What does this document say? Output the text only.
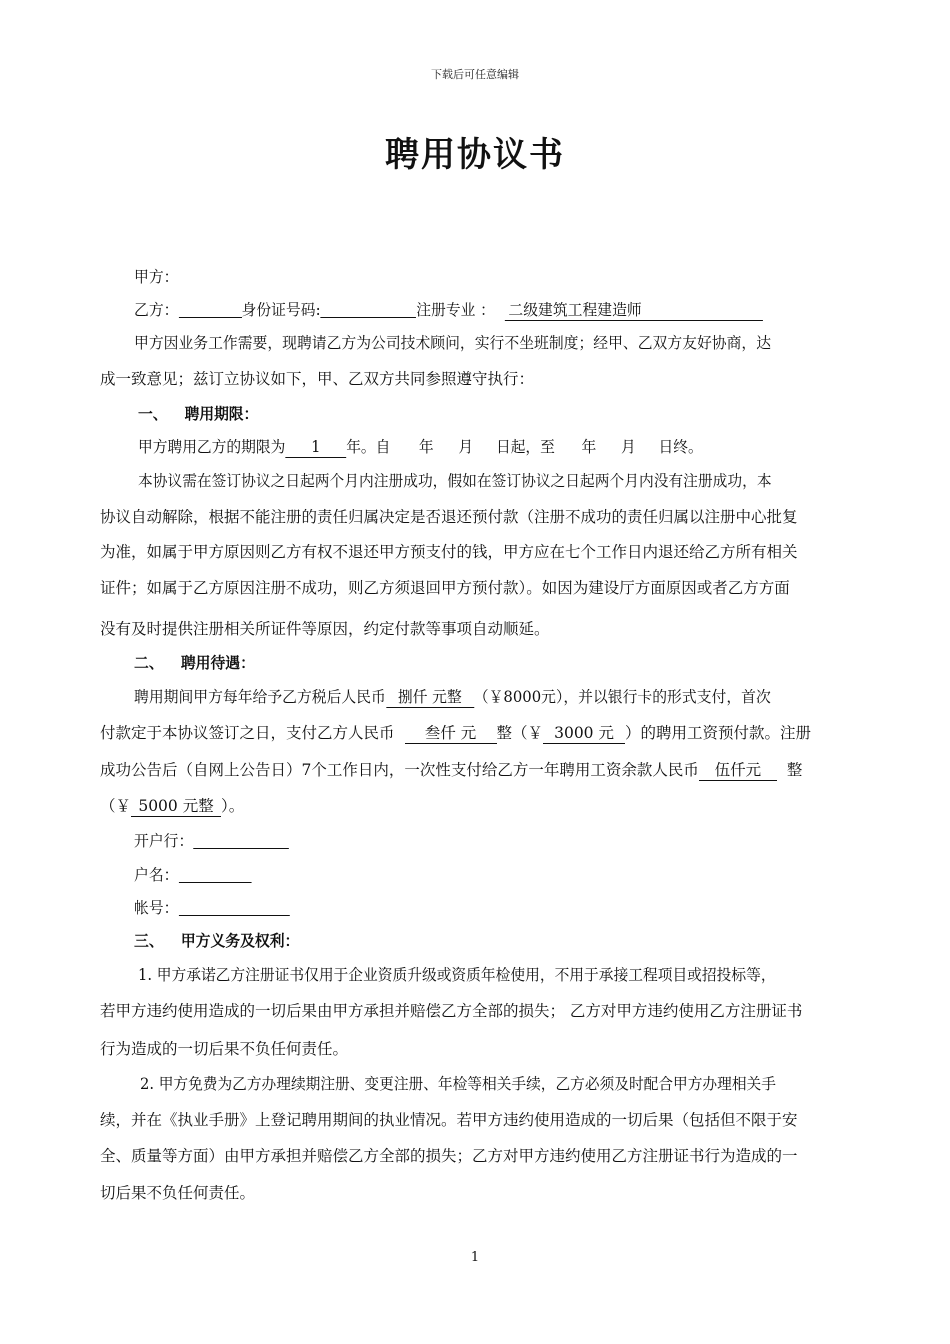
下载后可任意编辑
聘用协议书
甲方：
乙方：	身份证号码:	注册专业 ： 二级建筑工程建造师
甲方因业务工作需要，现聘请乙方为公司技术顾问，实行不坐班制度；经甲、乙双方友好协商，达
成一致意见；兹订立协议如下，甲、乙双方共同参照遵守执行：
一、 聘用期限：
甲方聘用乙方的期限为 1 年。自 年 月 日起，至 年 月 日终。
本协议需在签订协议之日起两个月内注册成功，假如在签订协议之日起两个月内没有注册成功，本
协议自动解除，根据不能注册的责任归属决定是否退还预付款（注册不成功的责任归属以注册中心批复
为准，如属于甲方原因则乙方有权不退还甲方预支付的钱，甲方应在七个工作日内退还给乙方所有相关
证件；如属于乙方原因注册不成功，则乙方须退回甲方预付款）。如因为建设厅方面原因或者乙方方面
没有及时提供注册相关所证件等原因，约定付款等事项自动顺延。
二、 聘用待遇：
聘用期间甲方每年给予乙方税后人民币 捌仟 元整 （￥8000元），并以银行卡的形式支付，首次
付款定于本协议签订之日，支付乙方人民币 叁仟 元 整（￥ 3000 元 ）的聘用工资预付款。注册
成功公告后（自网上公告日）7个工作日内，一次性支付给乙方一年聘用工资余款人民币 伍仟元 整
（￥ 5000 元整 ）。
开户行：
户名：
帐号：
三、 甲方义务及权利：
1. 甲方承诺乙方注册证书仅用于企业资质升级或资质年检使用，不用于承接工程项目或招投标等，
若甲方违约使用造成的一切后果由甲方承担并赔偿乙方全部的损失； 乙方对甲方违约使用乙方注册证书
行为造成的一切后果不负任何责任。
2. 甲方免费为乙方办理续期注册、变更注册、年检等相关手续，乙方必须及时配合甲方办理相关手
续，并在《执业手册》上登记聘用期间的执业情况。若甲方违约使用造成的一切后果（包括但不限于安
全、质量等方面）由甲方承担并赔偿乙方全部的损失；乙方对甲方违约使用乙方注册证书行为造成的一
切后果不负任何责任。
1
